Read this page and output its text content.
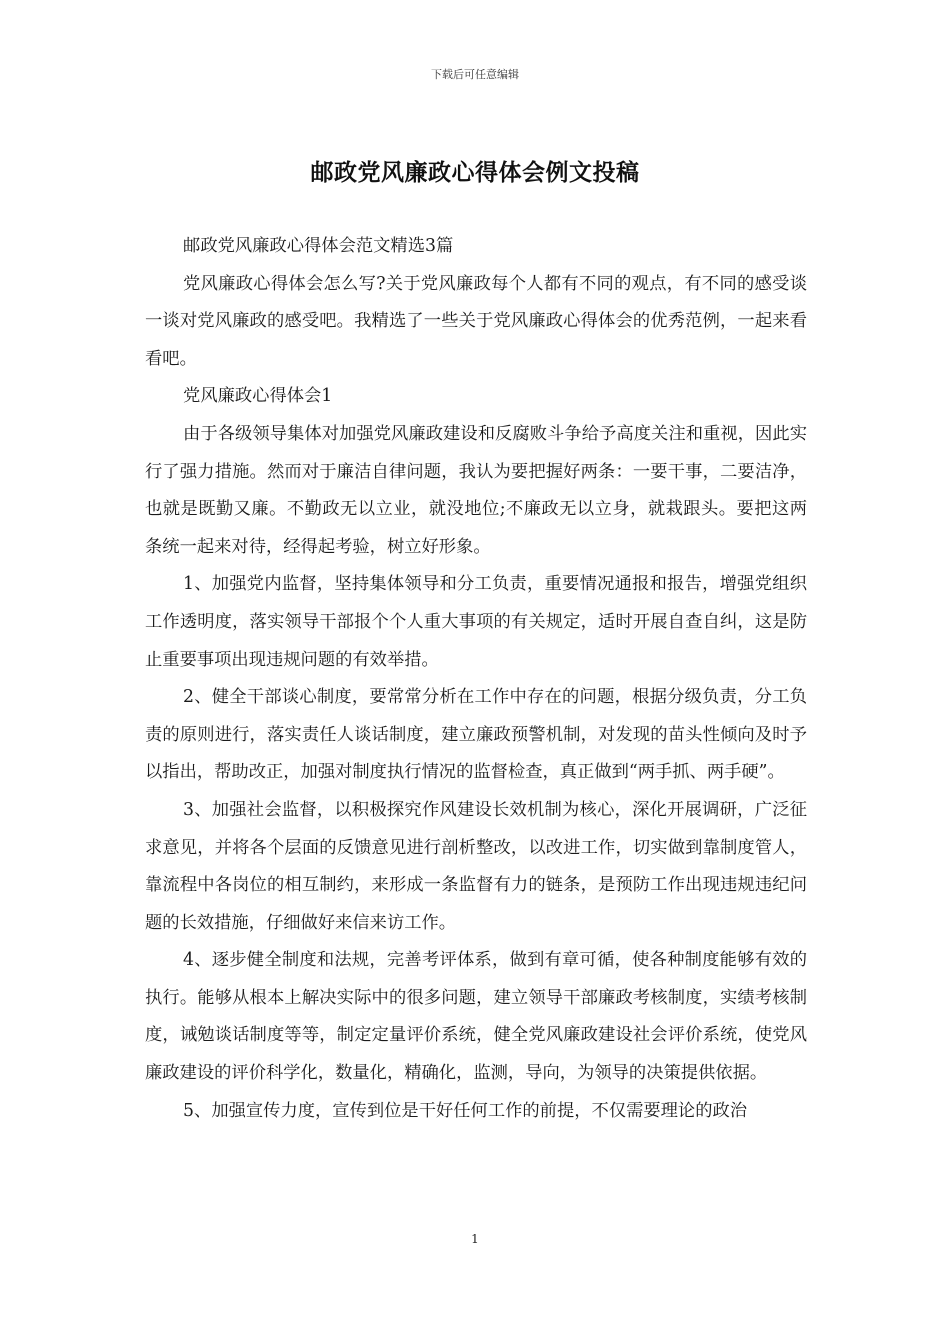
下载后可任意编辑
邮政党风廉政心得体会例文投稿

邮政党风廉政心得体会范文精选3篇

党风廉政心得体会怎么写?关于党风廉政每个人都有不同的观点，有不同的感受谈一谈对党风廉政的感受吧。我精选了一些关于党风廉政心得体会的优秀范例，一起来看看吧。

党风廉政心得体会1

由于各级领导集体对加强党风廉政建设和反腐败斗争给予高度关注和重视，因此实行了强力措施。然而对于廉洁自律问题，我认为要把握好两条：一要干事，二要洁净，也就是既勤又廉。不勤政无以立业，就没地位;不廉政无以立身，就栽跟头。要把这两条统一起来对待，经得起考验，树立好形象。

1、加强党内监督，坚持集体领导和分工负责，重要情况通报和报告，增强党组织工作透明度，落实领导干部报个个人重大事项的有关规定，适时开展自查自纠，这是防止重要事项出现违规问题的有效举措。

2、健全干部谈心制度，要常常分析在工作中存在的问题，根据分级负责，分工负责的原则进行，落实责任人谈话制度，建立廉政预警机制，对发现的苗头性倾向及时予以指出，帮助改正，加强对制度执行情况的监督检查，真正做到“两手抓、两手硬”。

3、加强社会监督，以积极探究作风建设长效机制为核心，深化开展调研，广泛征求意见，并将各个层面的反馈意见进行剖析整改，以改进工作，切实做到靠制度管人，靠流程中各岗位的相互制约，来形成一条监督有力的链条，是预防工作出现违规违纪问题的长效措施，仔细做好来信来访工作。

4、逐步健全制度和法规，完善考评体系，做到有章可循，使各种制度能够有效的执行。能够从根本上解决实际中的很多问题，建立领导干部廉政考核制度，实绩考核制度，诫勉谈话制度等等，制定定量评价系统，健全党风廉政建设社会评价系统，使党风廉政建设的评价科学化，数量化，精确化，监测，导向，为领导的决策提供依据。

5、加强宣传力度，宣传到位是干好任何工作的前提，不仅需要理论的政治

1
